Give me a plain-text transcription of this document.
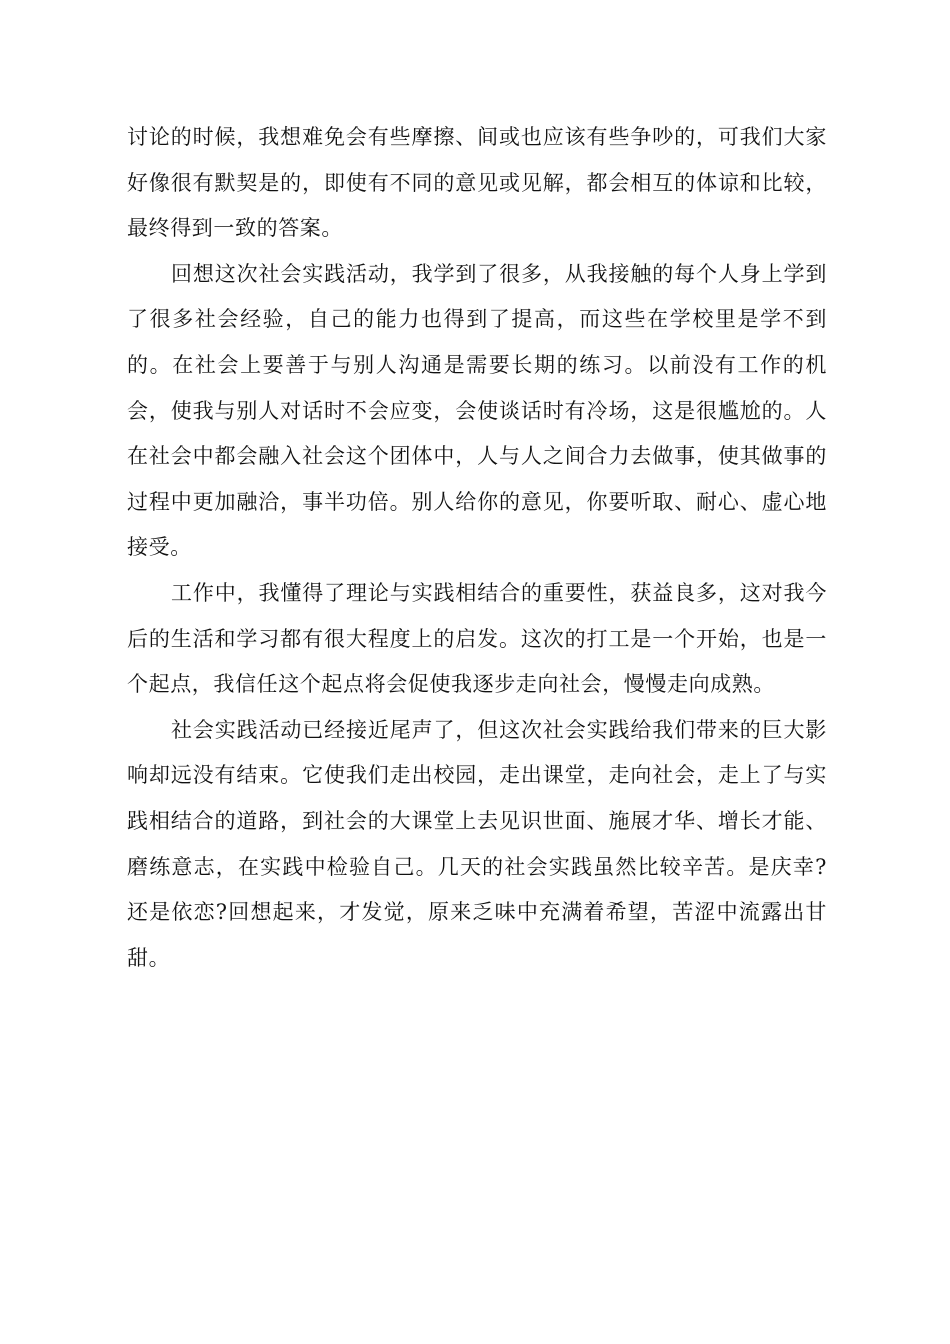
讨论的时候，我想难免会有些摩擦、间或也应该有些争吵的，可我们大家好像很有默契是的，即使有不同的意见或见解，都会相互的体谅和比较，最终得到一致的答案。

回想这次社会实践活动，我学到了很多，从我接触的每个人身上学到了很多社会经验，自己的能力也得到了提高，而这些在学校里是学不到的。在社会上要善于与别人沟通是需要长期的练习。以前没有工作的机会，使我与别人对话时不会应变，会使谈话时有冷场，这是很尴尬的。人在社会中都会融入社会这个团体中，人与人之间合力去做事，使其做事的过程中更加融洽，事半功倍。别人给你的意见，你要听取、耐心、虚心地接受。

工作中，我懂得了理论与实践相结合的重要性，获益良多，这对我今后的生活和学习都有很大程度上的启发。这次的打工是一个开始，也是一个起点，我信任这个起点将会促使我逐步走向社会，慢慢走向成熟。

社会实践活动已经接近尾声了，但这次社会实践给我们带来的巨大影响却远没有结束。它使我们走出校园，走出课堂，走向社会，走上了与实践相结合的道路，到社会的大课堂上去见识世面、施展才华、增长才能、磨练意志，在实践中检验自己。几天的社会实践虽然比较辛苦。是庆幸?还是依恋?回想起来，才发觉，原来乏味中充满着希望，苦涩中流露出甘甜。
